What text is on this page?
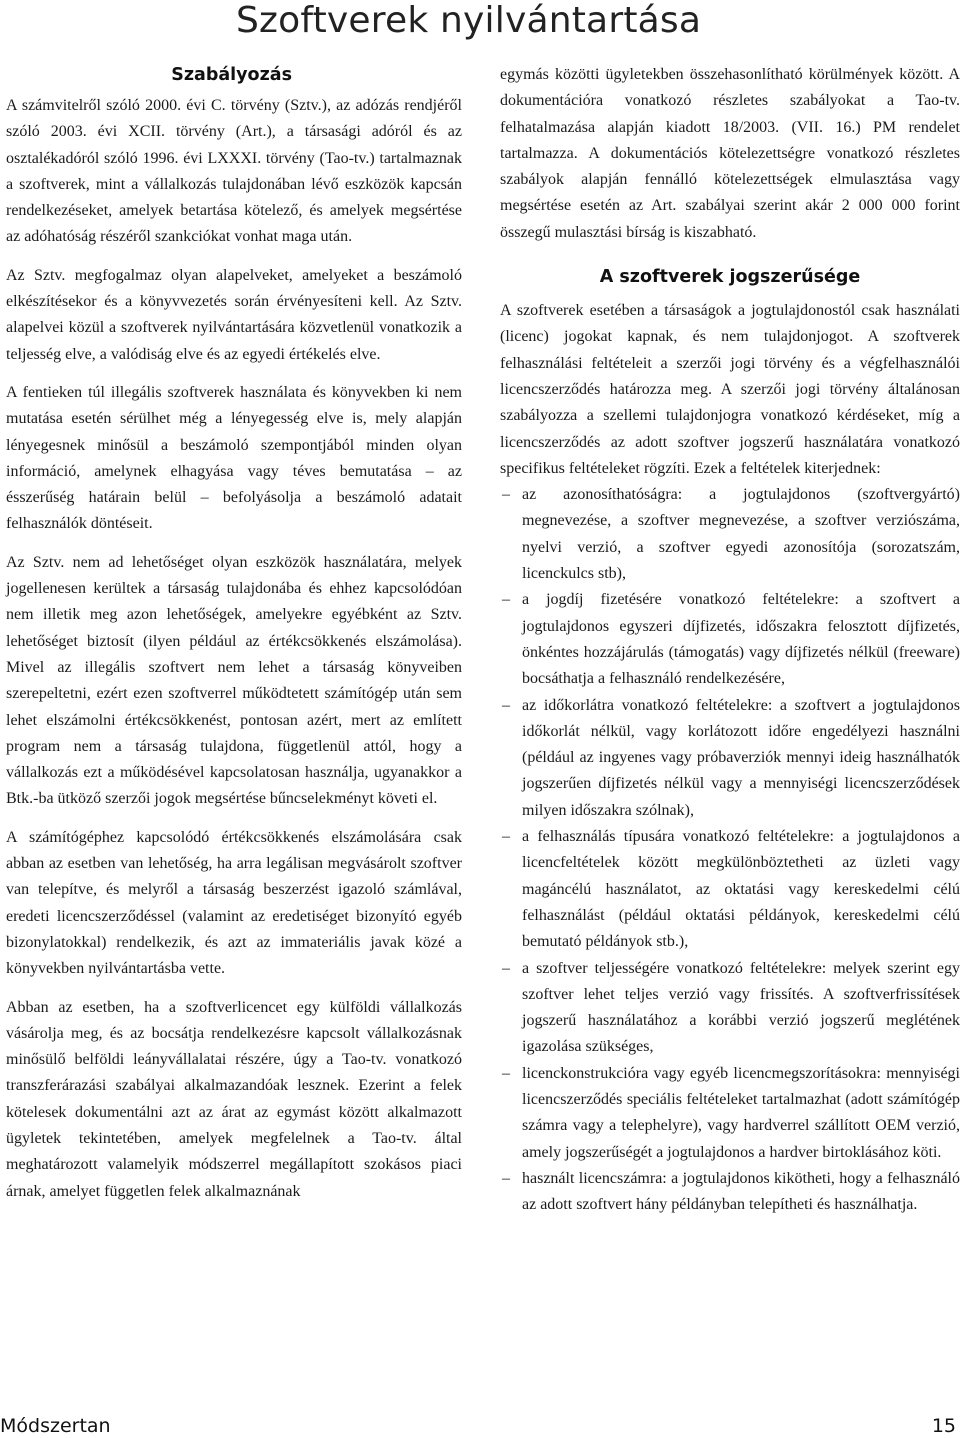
Szoftverek nyilvántartása
Szabályozás

A számvitelről szóló 2000. évi C. törvény (Sztv.), az adózás rendjéről szóló 2003. évi XCII. törvény (Art.), a társasági adóról és az osztalékadóról szóló 1996. évi LXXXI. törvény (Tao-tv.) tartalmaznak a szoftverek, mint a vállalkozás tulajdonában lévő eszközök kapcsán rendelkezéseket, amelyek betartása kötelező, és amelyek megsértése az adóhatóság részéről szankciókat vonhat maga után.

Az Sztv. megfogalmaz olyan alapelveket, amelyeket a beszámoló elkészítésekor és a könyvvezetés során érvényesíteni kell. Az Sztv. alapelvei közül a szoftverek nyilvántartására közvetlenül vonatkozik a teljesség elve, a valódiság elve és az egyedi értékelés elve.

A fentieken túl illegális szoftverek használata és könyvekben ki nem mutatása esetén sérülhet még a lényegesség elve is, mely alapján lényegesnek minősül a beszámoló szempontjából minden olyan információ, amelynek elhagyása vagy téves bemutatása – az ésszerűség határain belül – befolyásolja a beszámoló adatait felhasználók döntéseit.

Az Sztv. nem ad lehetőséget olyan eszközök használatára, melyek jogellenesen kerültek a társaság tulajdonába és ehhez kapcsolódóan nem illetik meg azon lehetőségek, amelyekre egyébként az Sztv. lehetőséget biztosít (ilyen például az értékcsökkenés elszámolása). Mivel az illegális szoftvert nem lehet a társaság könyveiben szerepeltetni, ezért ezen szoftverrel működtetett számítógép után sem lehet elszámolni értékcsökkenést, pontosan azért, mert az említett program nem a társaság tulajdona, függetlenül attól, hogy a vállalkozás ezt a működésével kapcsolatosan használja, ugyanakkor a Btk.-ba ütköző szerzői jogok megsértése bűncselekményt követi el.

A számítógéphez kapcsolódó értékcsökkenés elszámolására csak abban az esetben van lehetőség, ha arra legálisan megvásárolt szoftver van telepítve, és melyről a társaság beszerzést igazoló számlával, eredeti licencszerződéssel (valamint az eredetiséget bizonyító egyéb bizonylatokkal) rendelkezik, és azt az immateriális javak közé a könyvekben nyilvántartásba vette.

Abban az esetben, ha a szoftverlicencet egy külföldi vállalkozás vásárolja meg, és az bocsátja rendelkezésre kapcsolt vállalkozásnak minősülő belföldi leányvállalatai részére, úgy a Tao-tv. vonatkozó transzferárazási szabályai alkalmazandóak lesznek. Ezerint a felek kötelesek dokumentálni azt az árat az egymást között alkalmazott ügyletek tekintetében, amelyek megfelelnek a Tao-tv. által meghatározott valamelyik módszerrel megállapított szokásos piaci árnak, amelyet független felek alkalmaznának

egymás közötti ügyletekben összehasonlítható körülmények között. A dokumentációra vonatkozó részletes szabályokat a Tao-tv. felhatalmazása alapján kiadott 18/2003. (VII. 16.) PM rendelet tartalmazza. A dokumentációs kötelezettségre vonatkozó részletes szabályok alapján fennálló kötelezettségek elmulasztása vagy megsértése esetén az Art. szabályai szerint akár 2 000 000 forint összegű mulasztási bírság is kiszabható.

A szoftverek jogszerűsége

A szoftverek esetében a társaságok a jogtulajdonostól csak használati (licenc) jogokat kapnak, és nem tulajdonjogot. A szoftverek felhasználási feltételeit a szerzői jogi törvény és a végfelhasználói licencszerződés határozza meg. A szerzői jogi törvény általánosan szabályozza a szellemi tulajdonjogra vonatkozó kérdéseket, míg a licencszerződés az adott szoftver jogszerű használatára vonatkozó specifikus feltételeket rögzíti. Ezek a feltételek kiterjednek:

– az azonosíthatóságra: a jogtulajdonos (szoftvergyártó) megnevezése, a szoftver megnevezése, a szoftver verziószáma, nyelvi verzió, a szoftver egyedi azonosítója (sorozatszám, licenckulcs stb),
– a jogdíj fizetésére vonatkozó feltételekre: a szoftvert a jogtulajdonos egyszeri díjfizetés, időszakra felosztott díjfizetés, önkéntes hozzájárulás (támogatás) vagy díjfizetés nélkül (freeware) bocsáthatja a felhasználó rendelkezésére,
– az időkorlátra vonatkozó feltételekre: a szoftvert a jogtulajdonos időkorlát nélkül, vagy korlátozott időre engedélyezi használni (például az ingyenes vagy próbaverziók mennyi ideig használhatók jogszerűen díjfizetés nélkül vagy a mennyiségi licencszerződések milyen időszakra szólnak),
– a felhasználás típusára vonatkozó feltételekre: a jogtulajdonos a licencfeltételek között megkülönböztetheti az üzleti vagy magáncélú használatot, az oktatási vagy kereskedelmi célú felhasználást (például oktatási példányok, kereskedelmi célú bemutató példányok stb.),
– a szoftver teljességére vonatkozó feltételekre: melyek szerint egy szoftver lehet teljes verzió vagy frissítés. A szoftverfrissítések jogszerű használatához a korábbi verzió jogszerű meglétének igazolása szükséges,
– licenckonstrukcióra vagy egyéb licencmegszorításokra: mennyiségi licencszerződés speciális feltételeket tartalmazhat (adott számítógép számra vagy a telephelyre), vagy hardverrel szállított OEM verzió, amely jogszerűségét a jogtulajdonos a hardver birtoklásához köti.
– használt licencszámra: a jogtulajdonos kikötheti, hogy a felhasználó az adott szoftvert hány példányban telepítheti és használhatja.
Módszertan	15
